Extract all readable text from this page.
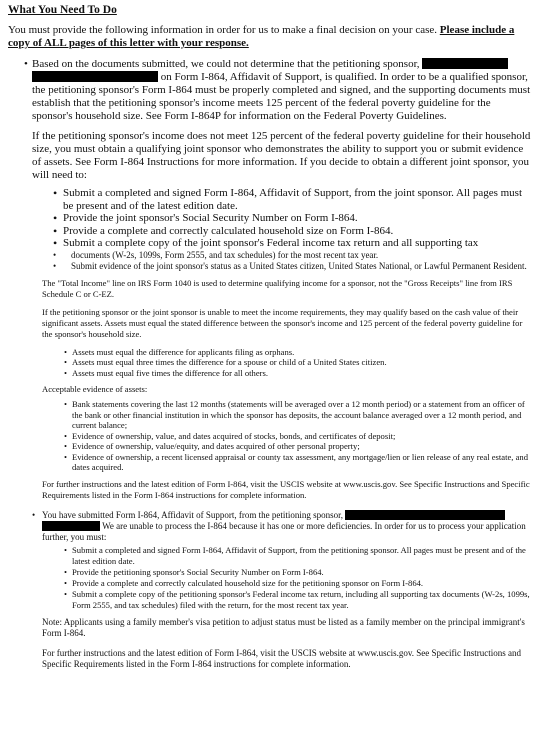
What You Need To Do
You must provide the following information in order for us to make a final decision on your case. Please include a copy of ALL pages of this letter with your response.
• Based on the documents submitted, we could not determine that the petitioning sponsor,
on Form I-864, Affidavit of Support, is qualified. In order to be a qualified sponsor, the petitioning sponsor's Form I-864 must be properly completed and signed, and the supporting documents must establish that the petitioning sponsor's income meets 125 percent of the federal poverty guideline for the sponsor's household size. See Form I-864P for information on the Federal Poverty Guidelines.
If the petitioning sponsor's income does not meet 125 percent of the federal poverty guideline for their household size, you must obtain a qualifying joint sponsor who demonstrates the ability to support you or submit evidence of assets. See Form I-864 Instructions for more information. If you decide to obtain a different joint sponsor, you will need to:
• Submit a completed and signed Form I-864, Affidavit of Support, from the joint sponsor. All pages must be present and of the latest edition date.
• Provide the joint sponsor's Social Security Number on Form I-864.
• Provide a complete and correctly calculated household size on Form I-864.
• Submit a complete copy of the joint sponsor's Federal income tax return and all supporting tax
• documents (W-2s, 1099s, Form 2555, and tax schedules) for the most recent tax year.
• Submit evidence of the joint sponsor's status as a United States citizen, United States National, or Lawful Permanent Resident.
The "Total Income" line on IRS Form 1040 is used to determine qualifying income for a sponsor, not the "Gross Receipts" line from IRS Schedule C or C-EZ.
If the petitioning sponsor or the joint sponsor is unable to meet the income requirements, they may qualify based on the cash value of their significant assets. Assets must equal the stated difference between the sponsor's income and 125 percent of the federal poverty guideline for the sponsor's household size.
• Assets must equal the difference for applicants filing as orphans.
• Assets must equal three times the difference for a spouse or child of a United States citizen.
• Assets must equal five times the difference for all others.
Acceptable evidence of assets:
• Bank statements covering the last 12 months (statements will be averaged over a 12 month period) or a statement from an officer of the bank or other financial institution in which the sponsor has deposits, the account balance averaged over a 12 month period, and current balance;
• Evidence of ownership, value, and dates acquired of stocks, bonds, and certificates of deposit;
• Evidence of ownership, value/equity, and dates acquired of other personal property;
• Evidence of ownership, a recent licensed appraisal or county tax assessment, any mortgage/lien or lien release of any real estate, and dates acquired.
For further instructions and the latest edition of Form I-864, visit the USCIS website at www.uscis.gov. See Specific Instructions and Specific Requirements listed in the Form I-864 instructions for complete information.
• You have submitted Form I-864, Affidavit of Support, from the petitioning sponsor,
We are unable to process the I-864 because it has one or more deficiencies. In order for us to process your application further, you must:
• Submit a completed and signed Form I-864, Affidavit of Support, from the petitioning sponsor. All pages must be present and of the latest edition date.
• Provide the petitioning sponsor's Social Security Number on Form I-864.
• Provide a complete and correctly calculated household size for the petitioning sponsor on Form I-864.
• Submit a complete copy of the petitioning sponsor's Federal income tax return, including all supporting tax documents (W-2s, 1099s, Form 2555, and tax schedules) filed with the return, for the most recent tax year.
Note: Applicants using a family member's visa petition to adjust status must be listed as a family member on the principal immigrant's Form I-864.
For further instructions and the latest edition of Form I-864, visit the USCIS website at www.uscis.gov. See Specific Instructions and Specific Requirements listed in the Form I-864 instructions for complete information.
